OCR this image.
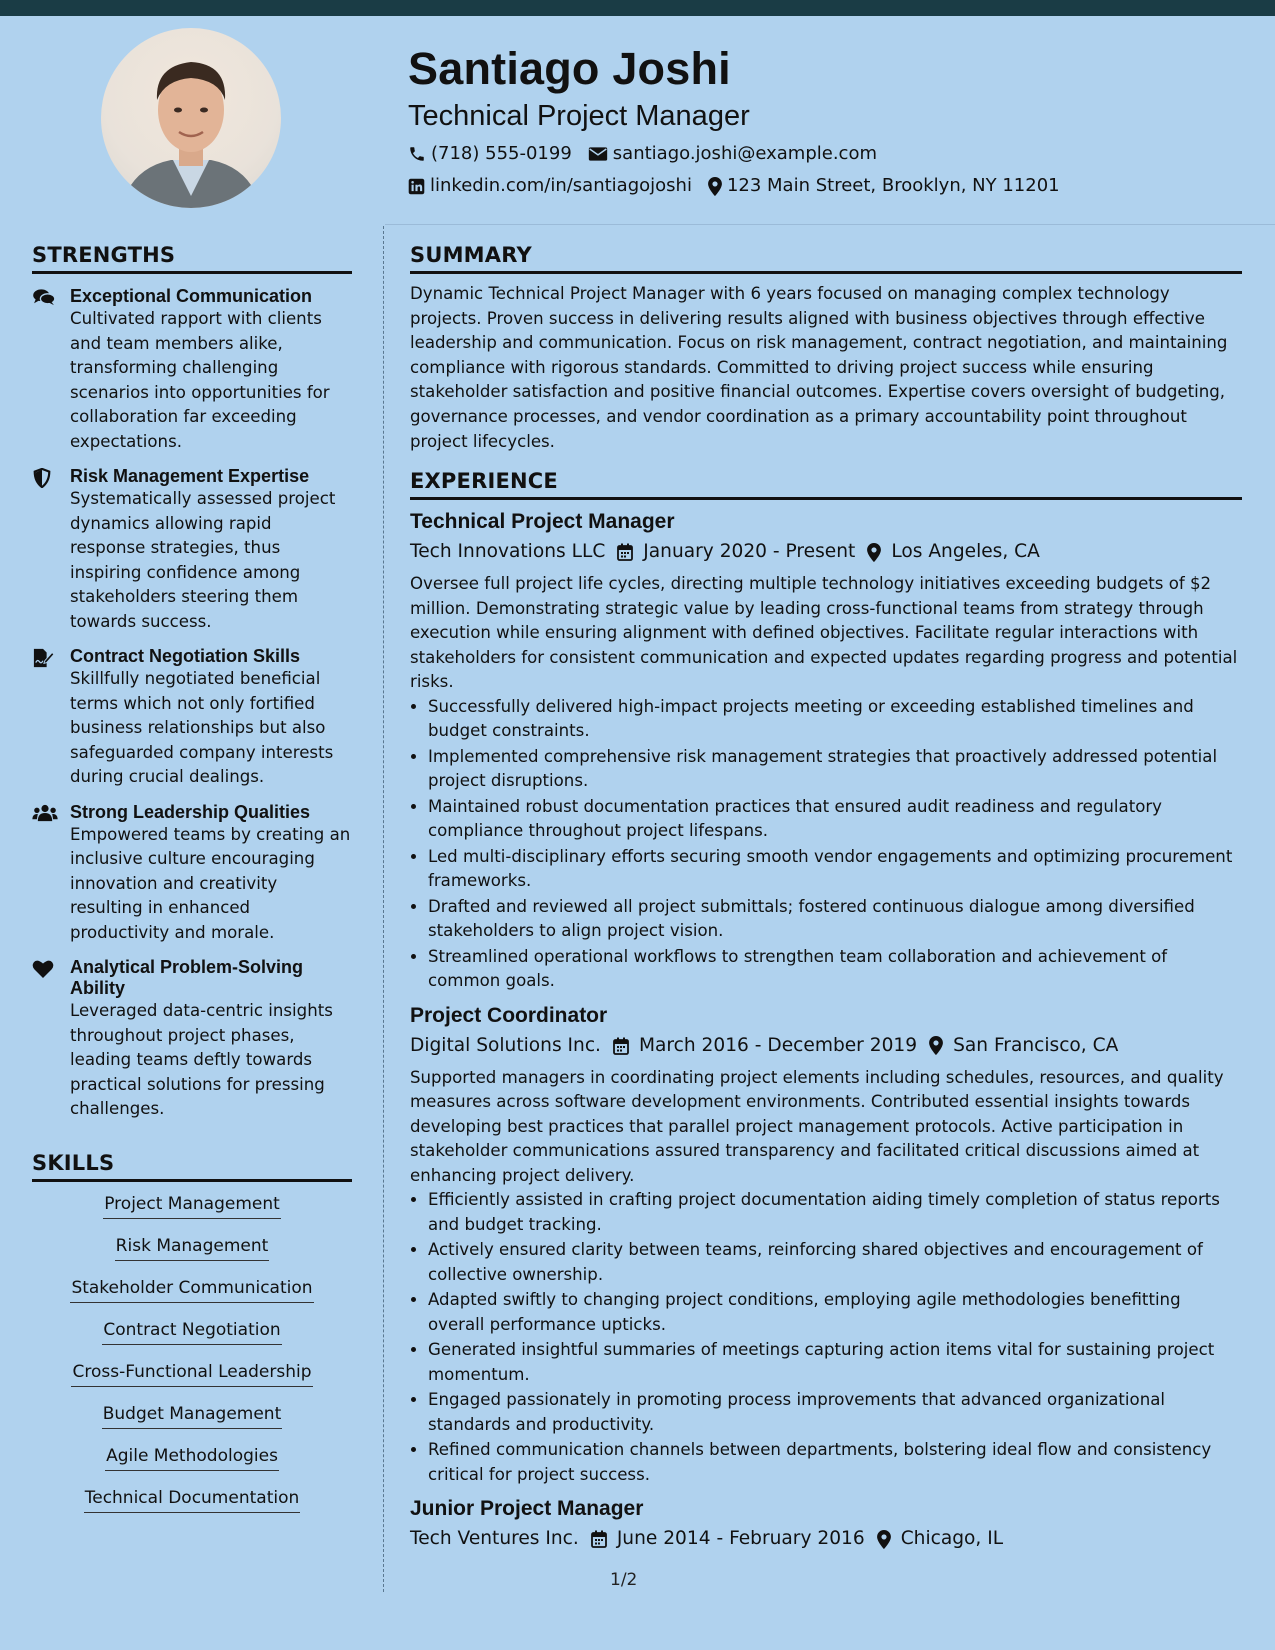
Santiago Joshi
Technical Project Manager
(718) 555-0199 santiago.joshi@example.com
linkedin.com/in/santiagojoshi 123 Main Street, Brooklyn, NY 11201
STRENGTHS
Exceptional Communication
Cultivated rapport with clients and team members alike, transforming challenging scenarios into opportunities for collaboration far exceeding expectations.
Risk Management Expertise
Systematically assessed project dynamics allowing rapid response strategies, thus inspiring confidence among stakeholders steering them towards success.
Contract Negotiation Skills
Skillfully negotiated beneficial terms which not only fortified business relationships but also safeguarded company interests during crucial dealings.
Strong Leadership Qualities
Empowered teams by creating an inclusive culture encouraging innovation and creativity resulting in enhanced productivity and morale.
Analytical Problem-Solving Ability
Leveraged data-centric insights throughout project phases, leading teams deftly towards practical solutions for pressing challenges.
SKILLS
Project Management
Risk Management
Stakeholder Communication
Contract Negotiation
Cross-Functional Leadership
Budget Management
Agile Methodologies
Technical Documentation
SUMMARY

Dynamic Technical Project Manager with 6 years focused on managing complex technology projects. Proven success in delivering results aligned with business objectives through effective leadership and communication. Focus on risk management, contract negotiation, and maintaining compliance with rigorous standards. Committed to driving project success while ensuring stakeholder satisfaction and positive financial outcomes. Expertise covers oversight of budgeting, governance processes, and vendor coordination as a primary accountability point throughout project lifecycles.

EXPERIENCE
Technical Project Manager
Tech Innovations LLC January 2020 - Present Los Angeles, CA

Oversee full project life cycles, directing multiple technology initiatives exceeding budgets of $2 million. Demonstrating strategic value by leading cross-functional teams from strategy through execution while ensuring alignment with defined objectives. Facilitate regular interactions with stakeholders for consistent communication and expected updates regarding progress and potential risks.

• Successfully delivered high-impact projects meeting or exceeding established timelines and budget constraints.
• Implemented comprehensive risk management strategies that proactively addressed potential project disruptions.
• Maintained robust documentation practices that ensured audit readiness and regulatory compliance throughout project lifespans.
• Led multi-disciplinary efforts securing smooth vendor engagements and optimizing procurement frameworks.
• Drafted and reviewed all project submittals; fostered continuous dialogue among diversified stakeholders to align project vision.
• Streamlined operational workflows to strengthen team collaboration and achievement of common goals.
Project Coordinator
Digital Solutions Inc. March 2016 - December 2019 San Francisco, CA

Supported managers in coordinating project elements including schedules, resources, and quality measures across software development environments. Contributed essential insights towards developing best practices that parallel project management protocols. Active participation in stakeholder communications assured transparency and facilitated critical discussions aimed at enhancing project delivery.

• Efficiently assisted in crafting project documentation aiding timely completion of status reports and budget tracking.
• Actively ensured clarity between teams, reinforcing shared objectives and encouragement of collective ownership.
• Adapted swiftly to changing project conditions, employing agile methodologies benefitting overall performance upticks.
• Generated insightful summaries of meetings capturing action items vital for sustaining project momentum.
• Engaged passionately in promoting process improvements that advanced organizational standards and productivity.
• Refined communication channels between departments, bolstering ideal flow and consistency critical for project success.
Junior Project Manager
Tech Ventures Inc. June 2014 - February 2016 Chicago, IL
1/2
